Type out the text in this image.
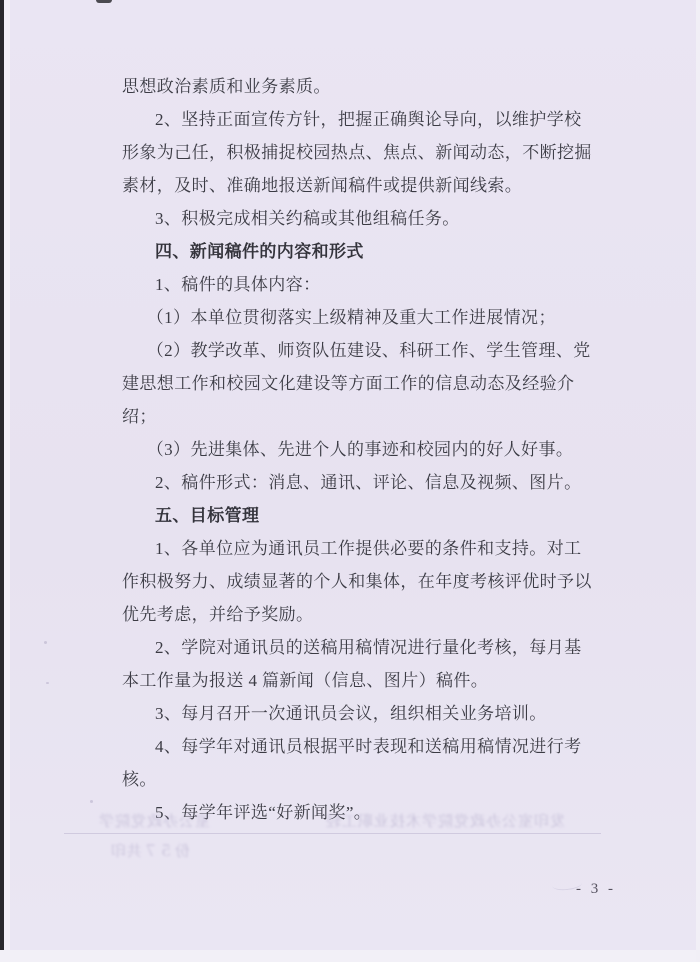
思想政治素质和业务素质。
2、坚持正面宣传方针，把握正确舆论导向，以维护学校
形象为己任，积极捕捉校园热点、焦点、新闻动态，不断挖掘
素材，及时、准确地报送新闻稿件或提供新闻线索。
3、积极完成相关约稿或其他组稿任务。
四、新闻稿件的内容和形式
1、稿件的具体内容：
（1）本单位贯彻落实上级精神及重大工作进展情况；
（2）教学改革、师资队伍建设、科研工作、学生管理、党
建思想工作和校园文化建设等方面工作的信息动态及经验介
绍；
（3）先进集体、先进个人的事迹和校园内的好人好事。
2、稿件形式：消息、通讯、评论、信息及视频、图片。
五、目标管理
1、各单位应为通讯员工作提供必要的条件和支持。对工
作积极努力、成绩显著的个人和集体，在年度考核评优时予以
优先考虑，并给予奖励。
2、学院对通讯员的送稿用稿情况进行量化考核，每月基
本工作量为报送 4 篇新闻（信息、图片）稿件。
3、每月召开一次通讯员会议，组织相关业务培训。
4、每学年对通讯员根据平时表现和送稿用稿情况进行考
核。
5、每学年评选“好新闻奖”。
室公办政党院学	发印室公办政党院学术技业职工轻
份５７共印
- 3 -
